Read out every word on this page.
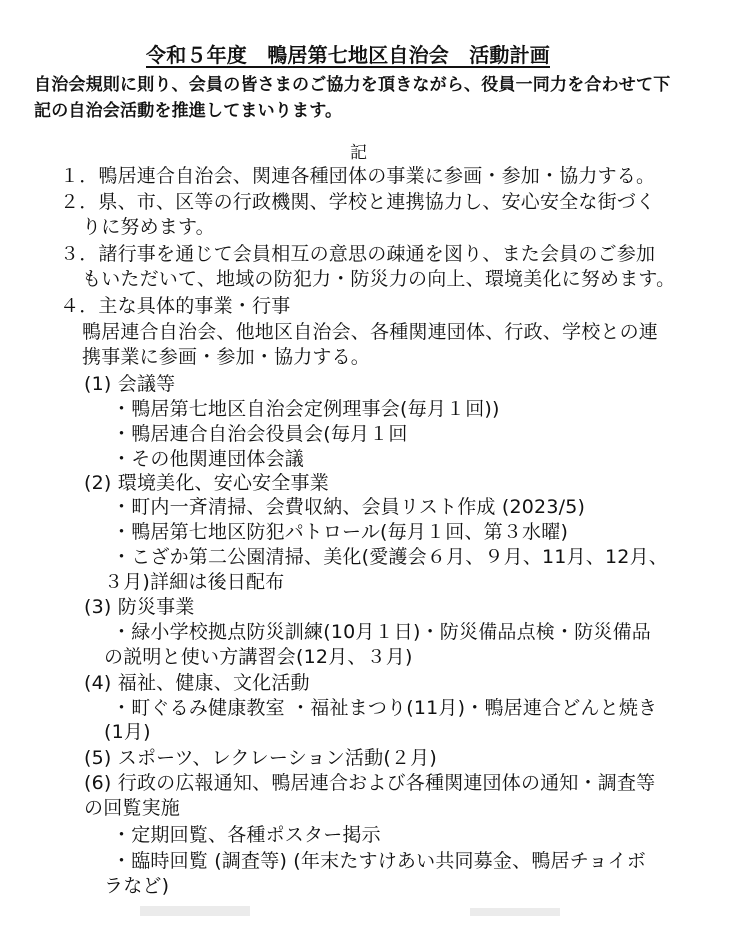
令和５年度　鴨居第七地区自治会　活動計画
自治会規則に則り、会員の皆さまのご協力を頂きながら、役員一同力を合わせて下
記の自治会活動を推進してまいります。
記
１．鴨居連合自治会、関連各種団体の事業に参画・参加・協力する。
２．県、市、区等の行政機関、学校と連携協力し、安心安全な街づく
りに努めます。
３．諸行事を通じて会員相互の意思の疎通を図り、また会員のご参加
もいただいて、地域の防犯力・防災力の向上、環境美化に努めます。
４．主な具体的事業・行事
鴨居連合自治会、他地区自治会、各種関連団体、行政、学校との連
携事業に参画・参加・協力する。
(1) 会議等
・鴨居第七地区自治会定例理事会(毎月１回))
・鴨居連合自治会役員会(毎月１回
・その他関連団体会議
(2) 環境美化、安心安全事業
・町内一斉清掃、会費収納、会員リスト作成 (2023/5)
・鴨居第七地区防犯パトロール(毎月１回、第３水曜)
・こざか第二公園清掃、美化(愛護会６月、９月、11月、12月、
３月)詳細は後日配布
(3) 防災事業
・緑小学校拠点防災訓練(10月１日)・防災備品点検・防災備品
の説明と使い方講習会(12月、３月)
(4) 福祉、健康、文化活動
・町ぐるみ健康教室 ・福祉まつり(11月)・鴨居連合どんと焼き
(1月)
(5) スポーツ、レクレーション活動(２月)
(6) 行政の広報通知、鴨居連合および各種関連団体の通知・調査等
の回覧実施
・定期回覧、各種ポスター掲示
・臨時回覧 (調査等) (年末たすけあい共同募金、鴨居チョイボ
ラなど)
